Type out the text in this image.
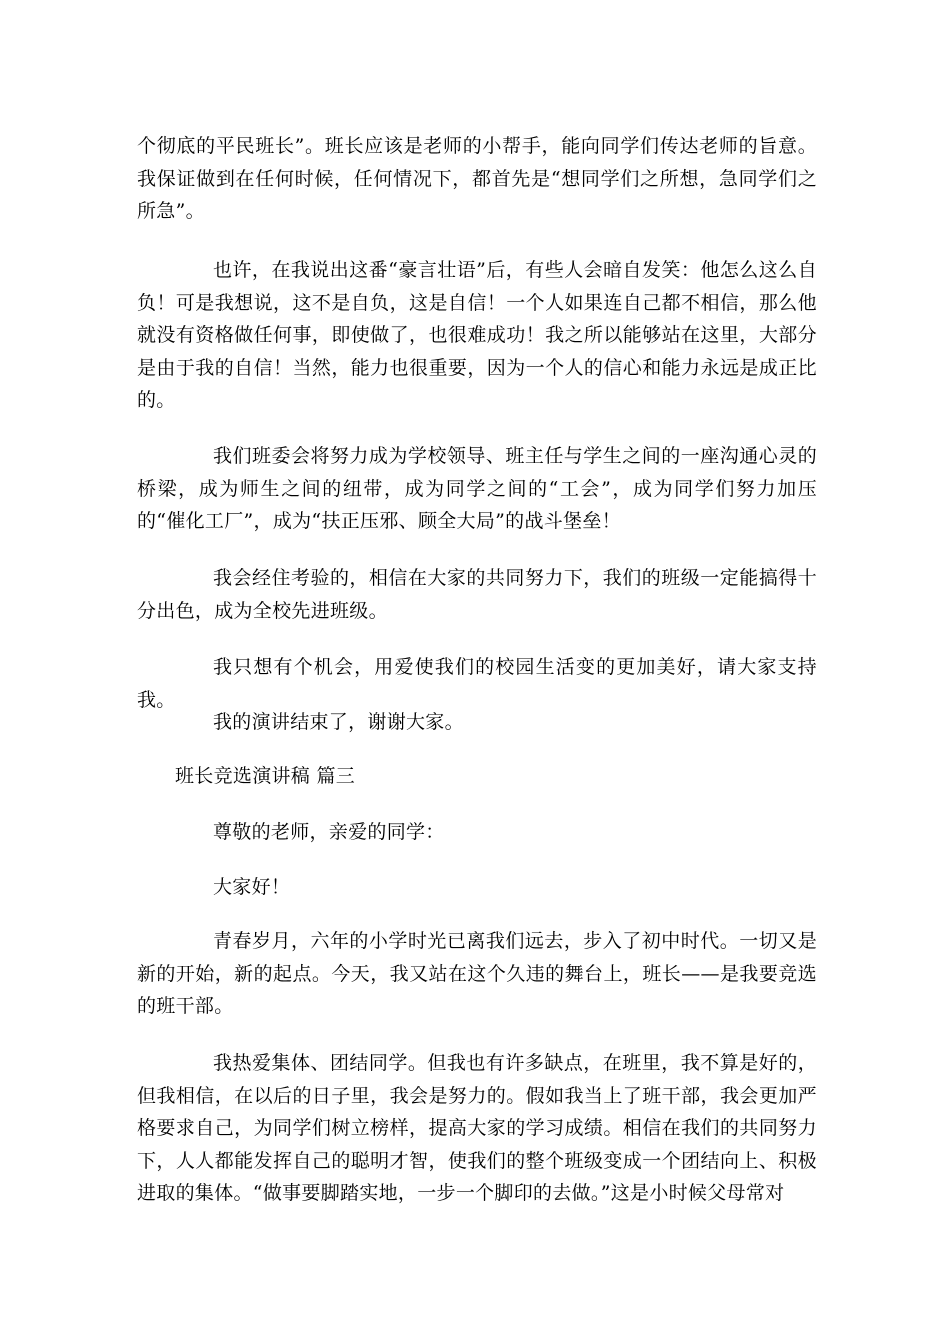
个彻底的平民班长”。班长应该是老师的小帮手，能向同学们传达老师的旨意。我保证做到在任何时候，任何情况下，都首先是“想同学们之所想，急同学们之所急”。

也许，在我说出这番“豪言壮语”后，有些人会暗自发笑：他怎么这么自负！可是我想说，这不是自负，这是自信！一个人如果连自己都不相信，那么他就没有资格做任何事，即使做了，也很难成功！我之所以能够站在这里，大部分是由于我的自信！当然，能力也很重要，因为一个人的信心和能力永远是成正比的。

我们班委会将努力成为学校领导、班主任与学生之间的一座沟通心灵的桥梁，成为师生之间的纽带，成为同学之间的“工会”，成为同学们努力加压的“催化工厂”，成为“扶正压邪、顾全大局”的战斗堡垒！

我会经住考验的，相信在大家的共同努力下，我们的班级一定能搞得十分出色，成为全校先进班级。

我只想有个机会，用爱使我们的校园生活变的更加美好，请大家支持我。

我的演讲结束了，谢谢大家。

班长竞选演讲稿 篇三

尊敬的老师，亲爱的同学：

大家好！

青春岁月，六年的小学时光已离我们远去，步入了初中时代。一切又是新的开始，新的起点。今天，我又站在这个久违的舞台上，班长——是我要竞选的班干部。

我热爱集体、团结同学。但我也有许多缺点，在班里，我不算是好的，但我相信，在以后的日子里，我会是努力的。假如我当上了班干部，我会更加严格要求自己，为同学们树立榜样，提高大家的学习成绩。相信在我们的共同努力下，人人都能发挥自己的聪明才智，使我们的整个班级变成一个团结向上、积极进取的集体。“做事要脚踏实地，一步一个脚印的去做。”这是小时候父母常对
